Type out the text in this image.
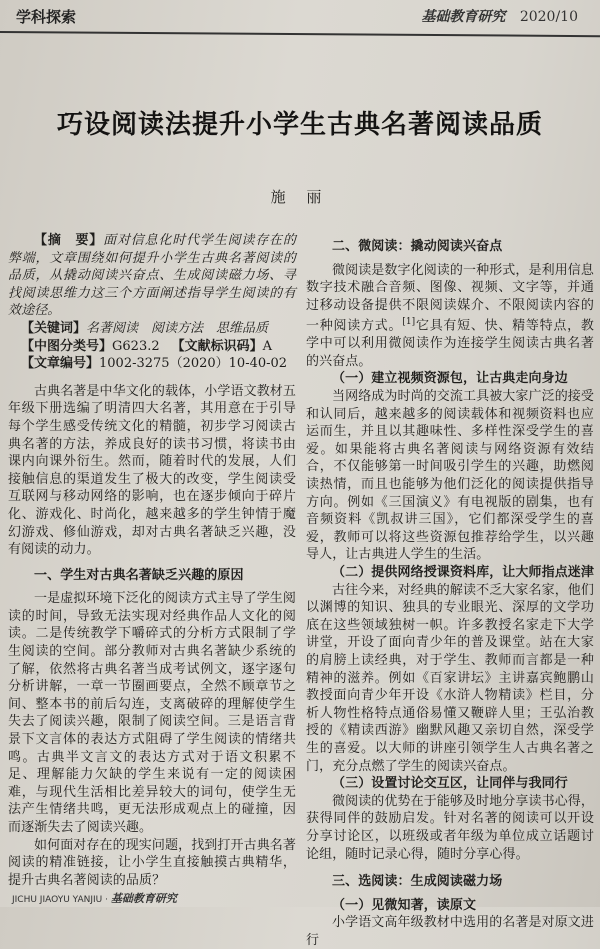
学科探索	基础教育研究 2020/10
巧设阅读法提升小学生古典名著阅读品质
施 丽

【摘　要】面对信息化时代学生阅读存在的弊端，文章围绕如何提升小学生古典名著阅读的品质，从撬动阅读兴奋点、生成阅读磁力场、寻找阅读思维力这三个方面阐述指导学生阅读的有效途径。

【关键词】名著阅读　阅读方法　思维品质
【中图分类号】G623.2 【文献标识码】A
【文章编号】1002-3275（2020）10-40-02

古典名著是中华文化的载体，小学语文教材五年级下册选编了明清四大名著，其用意在于引导每个学生感受传统文化的精髓，初步学习阅读古典名著的方法，养成良好的读书习惯，将读书由课内向课外衍生。然而，随着时代的发展，人们接触信息的渠道发生了极大的改变，学生阅读受互联网与移动网络的影响，也在逐步倾向于碎片化、游戏化、时尚化，越来越多的学生钟情于魔幻游戏、修仙游戏，却对古典名著缺乏兴趣，没有阅读的动力。

一、学生对古典名著缺乏兴趣的原因

一是虚拟环境下泛化的阅读方式主导了学生阅读的时间，导致无法实现对经典作品人文化的阅读。二是传统教学下嚼碎式的分析方式限制了学生阅读的空间。部分教师对古典名著缺少系统的了解，依然将古典名著当成考试例文，逐字逐句分析讲解，一章一节圈画要点，全然不顾章节之间、整本书的前后勾连，支离破碎的理解使学生失去了阅读兴趣，限制了阅读空间。三是语言背景下文言体的表达方式阻碍了学生阅读的情绪共鸣。古典半文言文的表达方式对于语文积累不足、理解能力欠缺的学生来说有一定的阅读困难，与现代生活相比差异较大的词句，使学生无法产生情绪共鸣，更无法形成观点上的碰撞，因而逐渐失去了阅读兴趣。

如何面对存在的现实问题，找到打开古典名著阅读的精准链接，让小学生直接触摸古典精华，提升古典名著阅读的品质？

二、微阅读：撬动阅读兴奋点

微阅读是数字化阅读的一种形式，是利用信息数字技术融合音频、图像、视频、文字等，并通过移动设备提供不限阅读媒介、不限阅读内容的一种阅读方式。[1]它具有短、快、精等特点，教学中可以利用微阅读作为连接学生阅读古典名著的兴奋点。

（一）建立视频资源包，让古典走向身边

当网络成为时尚的交流工具被大家广泛的接受和认同后，越来越多的阅读载体和视频资料也应运而生，并且以其趣味性、多样性深受学生的喜爱。如果能将古典名著阅读与网络资源有效结合，不仅能够第一时间吸引学生的兴趣，助燃阅读热情，而且也能够为他们泛化的阅读提供指导方向。例如《三国演义》有电视版的剧集，也有音频资料《凯叔讲三国》，它们都深受学生的喜爱，教师可以将这些资源包推荐给学生，以兴趣导人，让古典进人学生的生活。

（二）提供网络授课资料库，让大师指点迷津

古往今来，对经典的解读不乏大家名家，他们以渊博的知识、独具的专业眼光、深厚的文学功底在这些领域独树一帜。许多教授名家走下大学讲堂，开设了面向青少年的普及课堂。站在大家的肩膀上读经典，对于学生、教师而言都是一种精神的滋养。例如《百家讲坛》主讲嘉宾鲍鹏山教授面向青少年开设《水浒人物精读》栏目，分析人物性格特点通俗易懂又鞭辟人里；王弘治教授的《精读西游》幽默风趣又亲切自然，深受学生的喜爱。以大师的讲座引领学生人古典名著之门，充分点燃了学生的阅读兴奋点。

（三）设置讨论交互区，让同伴与我同行

微阅读的优势在于能够及时地分享读书心得，获得同伴的鼓励启发。针对名著的阅读可以开设分享讨论区，以班级或者年级为单位成立话题讨论组，随时记录心得，随时分享心得。

三、选阅读：生成阅读磁力场
（一）见微知著，读原文

小学语文高年级教材中选用的名著是对原文进行

JICHU JIAOYU YANJIU · 基础教育研究
